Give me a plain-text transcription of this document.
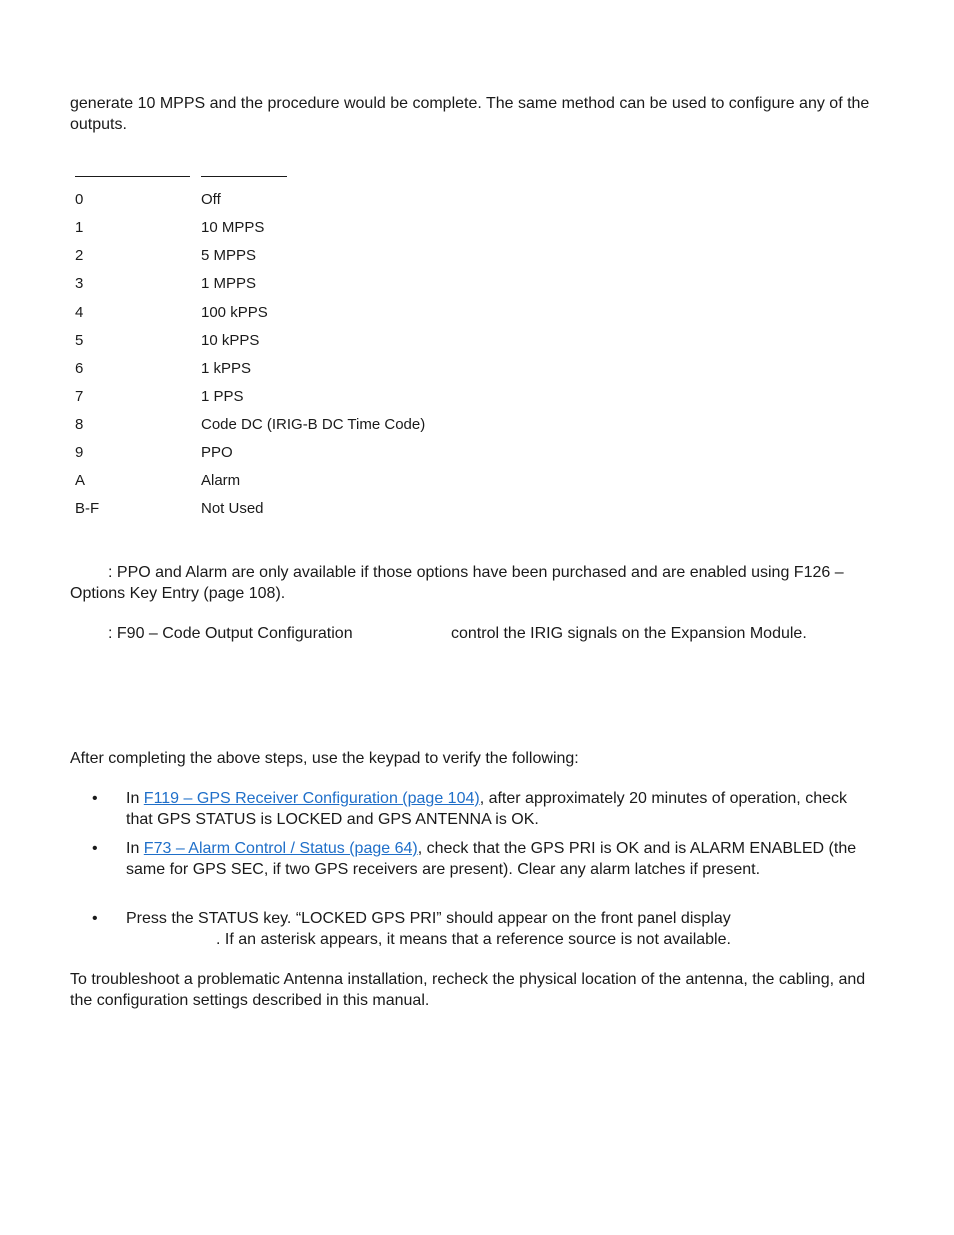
generate 10 MPPS and the procedure would be complete. The same method can be used to configure any of the outputs.

0	Off
1	10 MPPS
2	5 MPPS
3	1 MPPS
4	100 kPPS
5	10 kPPS
6	1 kPPS
7	1 PPS
8	Code DC (IRIG-B DC Time Code)
9	PPO
A	Alarm
B-F	Not Used

: PPO and Alarm are only available if those options have been purchased and are enabled using F126 – Options Key Entry (page 108).

: F90 – Code Output Configuration	control the IRIG signals on the Expansion Module.

After completing the above steps, use the keypad to verify the following:

• In F119 – GPS Receiver Configuration (page 104), after approximately 20 minutes of operation, check that GPS STATUS is LOCKED and GPS ANTENNA is OK.
• In F73 – Alarm Control / Status (page 64), check that the GPS PRI is OK and is ALARM ENABLED (the same for GPS SEC, if two GPS receivers are present). Clear any alarm latches if present.
• Press the STATUS key. “LOCKED GPS PRI” should appear on the front panel display
. If an asterisk appears, it means that a reference source is not available.

To troubleshoot a problematic Antenna installation, recheck the physical location of the antenna, the cabling, and the configuration settings described in this manual.
